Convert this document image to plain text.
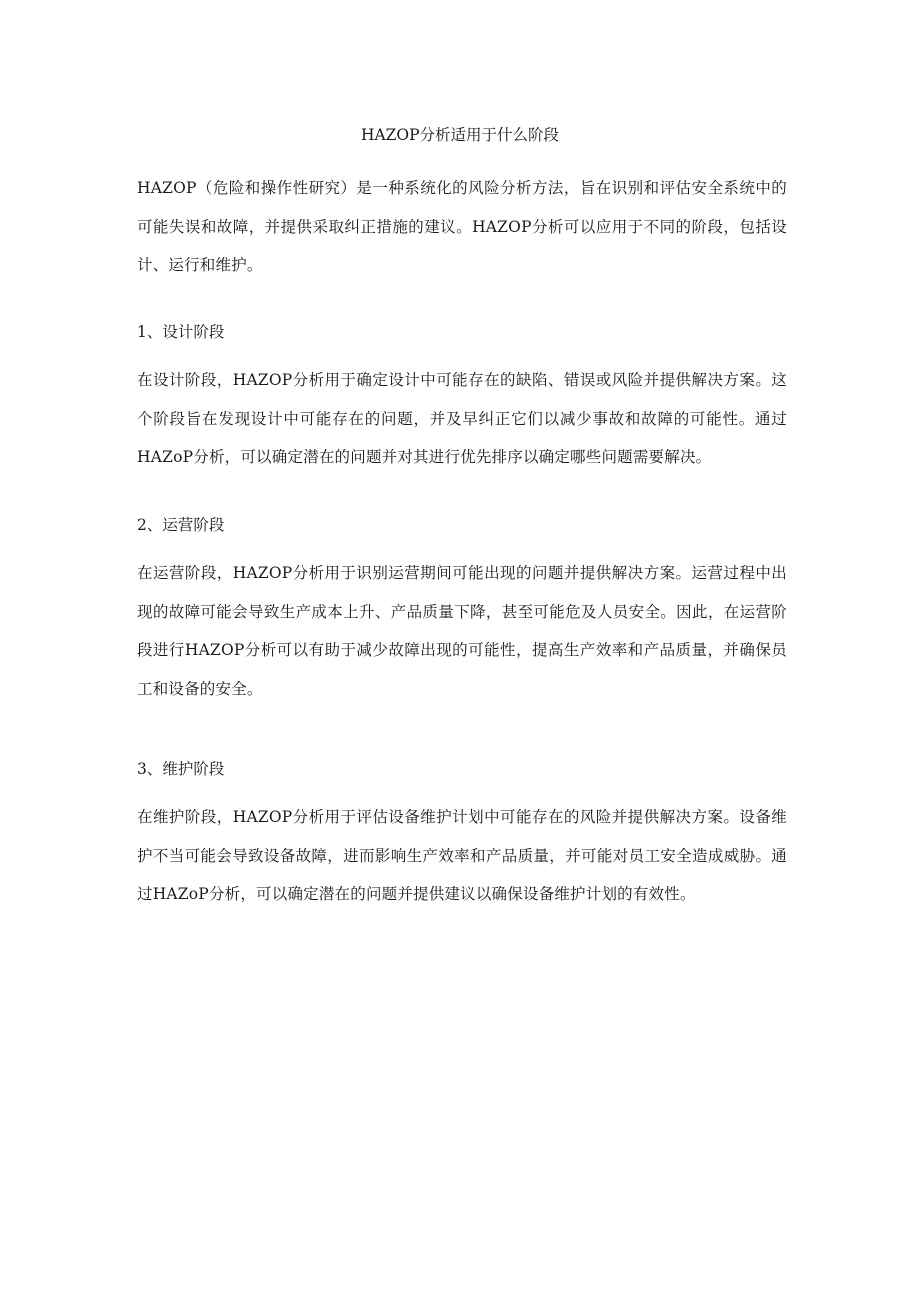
HAZOP分析适用于什么阶段

HAZOP（危险和操作性研究）是一种系统化的风险分析方法，旨在识别和评估安全系统中的可能失误和故障，并提供采取纠正措施的建议。HAZOP分析可以应用于不同的阶段，包括设计、运行和维护。

1、设计阶段

在设计阶段，HAZOP分析用于确定设计中可能存在的缺陷、错误或风险并提供解决方案。这个阶段旨在发现设计中可能存在的问题，并及早纠正它们以减少事故和故障的可能性。通过HAZoP分析，可以确定潜在的问题并对其进行优先排序以确定哪些问题需要解决。

2、运营阶段

在运营阶段，HAZOP分析用于识别运营期间可能出现的问题并提供解决方案。运营过程中出现的故障可能会导致生产成本上升、产品质量下降，甚至可能危及人员安全。因此，在运营阶段进行HAZOP分析可以有助于减少故障出现的可能性，提高生产效率和产品质量，并确保员工和设备的安全。

3、维护阶段

在维护阶段，HAZOP分析用于评估设备维护计划中可能存在的风险并提供解决方案。设备维护不当可能会导致设备故障，进而影响生产效率和产品质量，并可能对员工安全造成威胁。通过HAZoP分析，可以确定潜在的问题并提供建议以确保设备维护计划的有效性。
